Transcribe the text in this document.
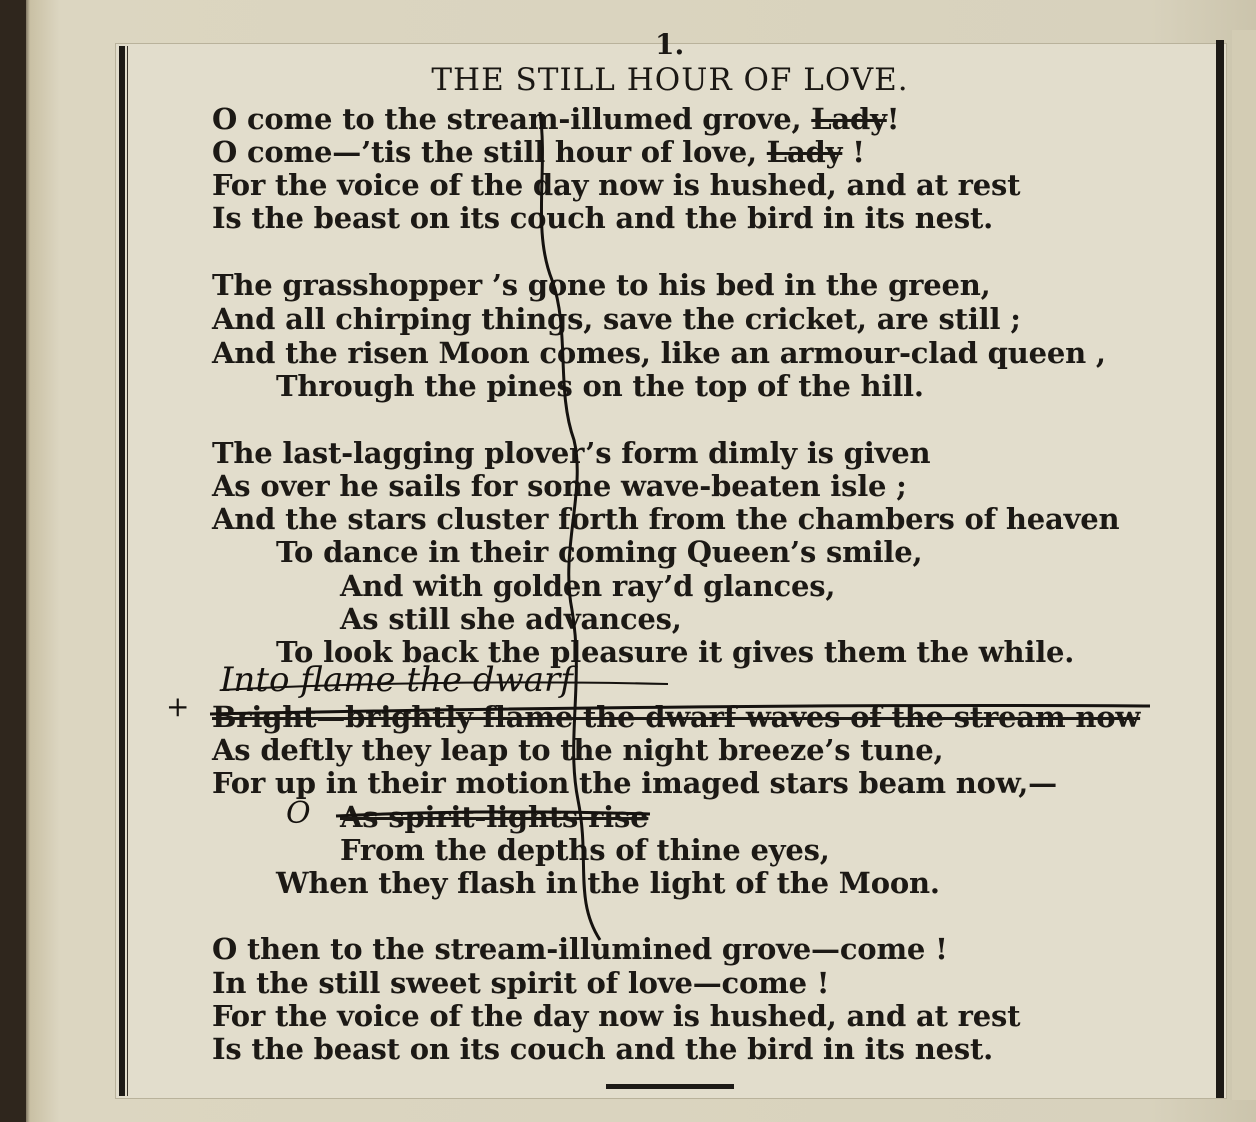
1.
THE STILL HOUR OF LOVE.
O come to the stream-illumed grove, Lady!
O come—’tis the still hour of love, Lady !
For the voice of the day now is hushed, and at rest
Is the beast on its couch and the bird in its nest.
The grasshopper ’s gone to his bed in the green,
And all chirping things, save the cricket, are still ;
And the risen Moon comes, like an armour-clad queen ,
Through the pines on the top of the hill.
The last-lagging plover’s form dimly is given
As over he sails for some wave-beaten isle ;
And the stars cluster forth from the chambers of heaven
To dance in their coming Queen’s smile,
And with golden ray’d glances,
As still she advances,
To look back the pleasure it gives them the while.
Into flame the dwarf
+ Bright—brightly flame the dwarf waves of the stream now
As deftly they leap to the night breeze’s tune,
For up in their motion the imaged stars beam now,—
O As spirit-lights rise
From the depths of thine eyes,
When they flash in the light of the Moon.
O then to the stream-illumined grove—come !
In the still sweet spirit of love—come !
For the voice of the day now is hushed, and at rest
Is the beast on its couch and the bird in its nest.
